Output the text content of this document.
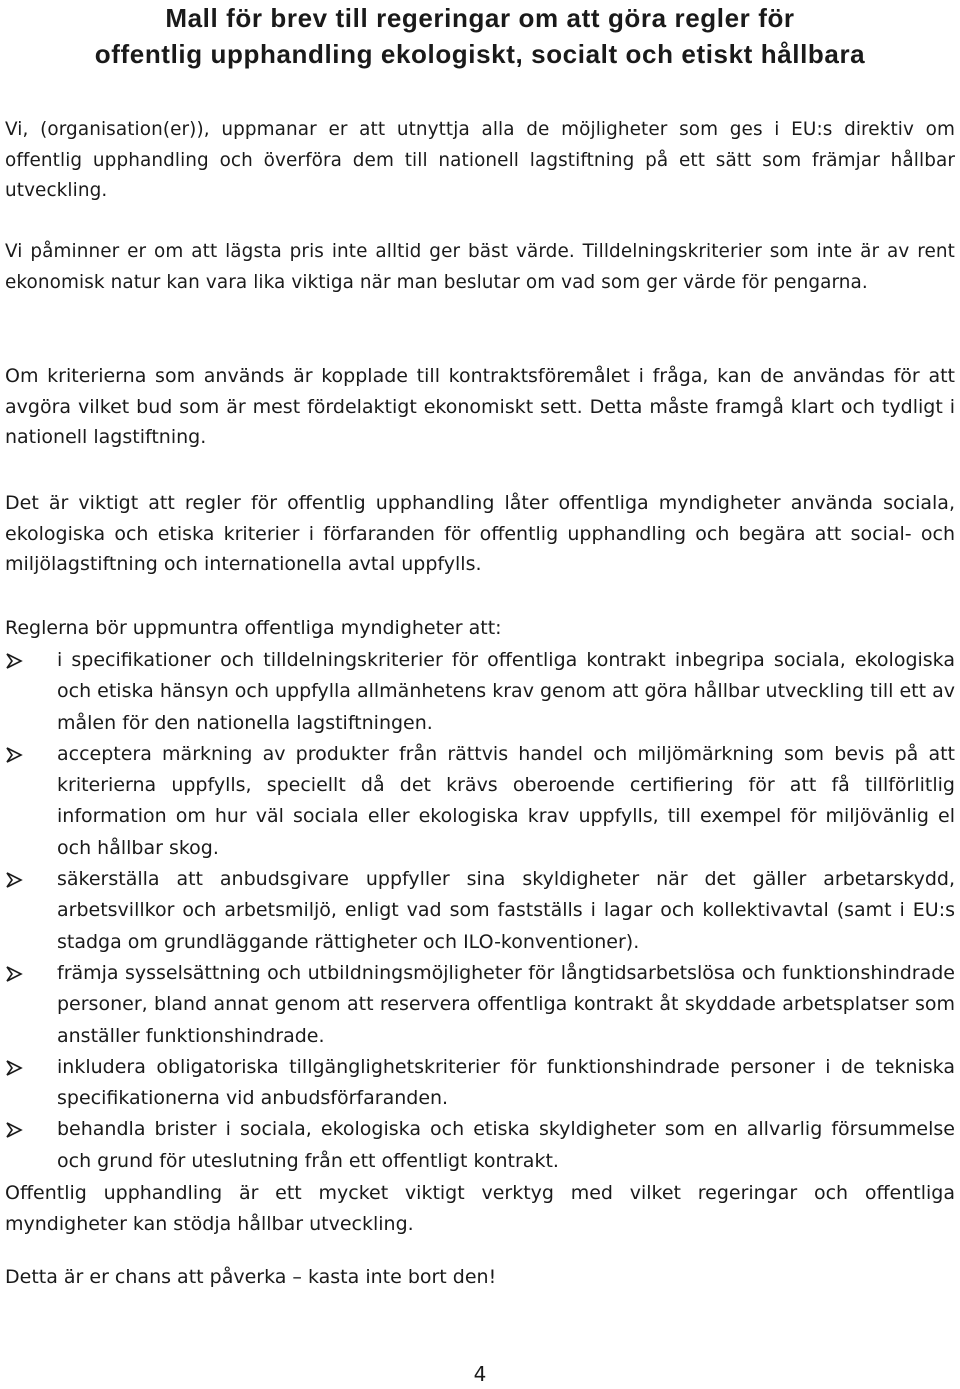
Mall för brev till regeringar om att göra regler för
offentlig upphandling ekologiskt, socialt och etiskt hållbara

Vi, (organisation(er)), uppmanar er att utnyttja alla de möjligheter som ges i EU:s direktiv om offentlig upphandling och överföra dem till nationell lagstiftning på ett sätt som främjar hållbar utveckling.

Vi påminner er om att lägsta pris inte alltid ger bäst värde. Tilldelningskriterier som inte är av rent ekonomisk natur kan vara lika viktiga när man beslutar om vad som ger värde för pengarna.

Om kriterierna som används är kopplade till kontraktsföremålet i fråga, kan de användas för att avgöra vilket bud som är mest fördelaktigt ekonomiskt sett. Detta måste framgå klart och tydligt i nationell lagstiftning.

Det är viktigt att regler för offentlig upphandling låter offentliga myndigheter använda sociala, ekologiska och etiska kriterier i förfaranden för offentlig upphandling och begära att social- och miljölagstiftning och internationella avtal uppfylls.

Reglerna bör uppmuntra offentliga myndigheter att:

i specifikationer och tilldelningskriterier för offentliga kontrakt inbegripa sociala, ekologiska och etiska hänsyn och uppfylla allmänhetens krav genom att göra hållbar utveckling till ett av målen för den nationella lagstiftningen.
acceptera märkning av produkter från rättvis handel och miljömärkning som bevis på att kriterierna uppfylls, speciellt då det krävs oberoende certifiering för att få tillförlitlig information om hur väl sociala eller ekologiska krav uppfylls, till exempel för miljövänlig el och hållbar skog.
säkerställa att anbudsgivare uppfyller sina skyldigheter när det gäller arbetarskydd, arbetsvillkor och arbetsmiljö, enligt vad som fastställs i lagar och kollektivavtal (samt i EU:s stadga om grundläggande rättigheter och ILO-konventioner).
främja sysselsättning och utbildningsmöjligheter för långtidsarbetslösa och funktionshindrade personer, bland annat genom att reservera offentliga kontrakt åt skyddade arbetsplatser som anställer funktionshindrade.
inkludera obligatoriska tillgänglighetskriterier för funktionshindrade personer i de tekniska specifikationerna vid anbudsförfaranden.
behandla brister i sociala, ekologiska och etiska skyldigheter som en allvarlig försummelse och grund för uteslutning från ett offentligt kontrakt.

Offentlig upphandling är ett mycket viktigt verktyg med vilket regeringar och offentliga myndigheter kan stödja hållbar utveckling.

Detta är er chans att påverka – kasta inte bort den!

4
